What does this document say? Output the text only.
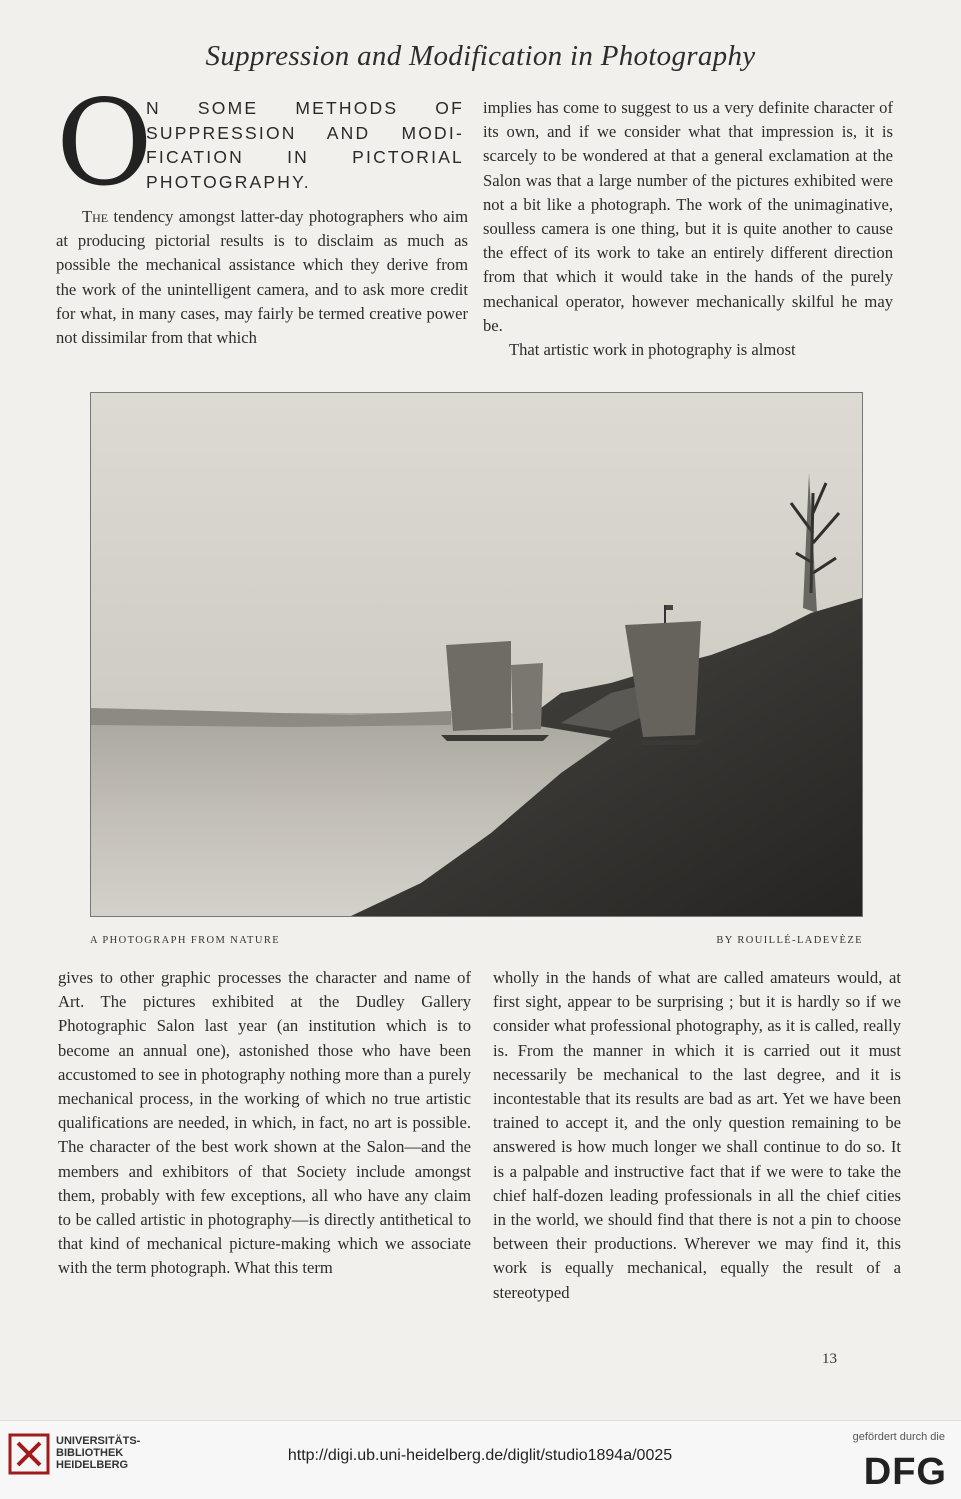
Suppression and Modification in Photography
O
N SOME METHODS OF SUPPRESSION AND MODI- FICATION IN PICTORIAL PHOTOGRAPHY.

The tendency amongst latter-day photographers who aim at producing pictorial results is to disclaim as much as possible the mechanical assistance which they derive from the work of the unintelligent camera, and to ask more credit for what, in many cases, may fairly be termed creative power not dissimilar from that which

implies has come to suggest to us a very definite character of its own, and if we consider what that impression is, it is scarcely to be wondered at that a general exclamation at the Salon was that a large number of the pictures exhibited were not a bit like a photograph. The work of the unimaginative, soulless camera is one thing, but it is quite another to cause the effect of its work to take an entirely different direction from that which it would take in the hands of the purely mechanical operator, however mechanically skilful he may be.

That artistic work in photography is almost

A PHOTOGRAPH FROM NATURE	BY ROUILLÉ-LADEVÈZE

gives to other graphic processes the character and name of Art. The pictures exhibited at the Dudley Gallery Photographic Salon last year (an institution which is to become an annual one), astonished those who have been accustomed to see in photography nothing more than a purely mechanical process, in the working of which no true artistic qualifications are needed, in which, in fact, no art is possible. The character of the best work shown at the Salon—and the members and exhibitors of that Society include amongst them, probably with few exceptions, all who have any claim to be called artistic in photography—is directly antithetical to that kind of mechanical picture-making which we associate with the term photograph. What this term

wholly in the hands of what are called amateurs would, at first sight, appear to be surprising ; but it is hardly so if we consider what professional photography, as it is called, really is. From the manner in which it is carried out it must necessarily be mechanical to the last degree, and it is incontestable that its results are bad as art. Yet we have been trained to accept it, and the only question remaining to be answered is how much longer we shall continue to do so. It is a palpable and instructive fact that if we were to take the chief half-dozen leading professionals in all the chief cities in the world, we should find that there is not a pin to choose between their productions. Wherever we may find it, this work is equally mechanical, equally the result of a stereotyped

13
UNIVERSITÄTS-
BIBLIOTHEK
HEIDELBERG
http://digi.ub.uni-heidelberg.de/diglit/studio1894a/0025
gefördert durch die
DFG
